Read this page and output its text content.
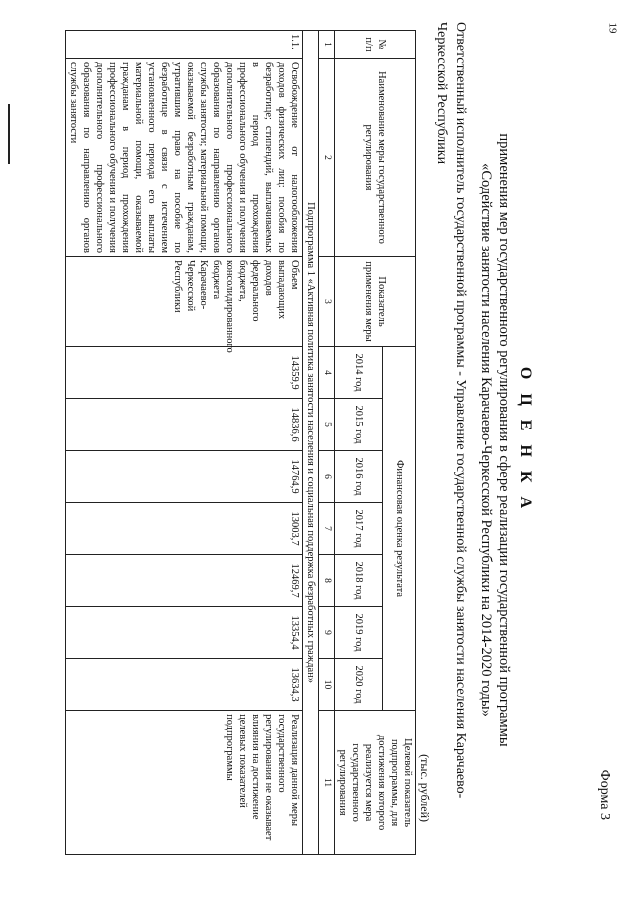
19
Форма 3
О Ц Е Н К А
применения мер государственного регулирования в сфере реализации государственной программы
«Содействие занятости населения Карачаево-Черкесской Республики на 2014-2020 годы»
Ответственный исполнитель государственной программы - Управление государственной службы занятости населения Карачаево-Черкесской Республики
(тыс. рублей)
№ п/п	Наименование меры государственного регулирования	Показатель применения меры	Финансовая оценка результата							Целевой показатель подпрограммы, для достижения которого реализуется мера государственного регулирования
			2014 год	2015 год	2016 год	2017 год	2018 год	2019 год	2020 год	
1	2	3	4	5	6	7	8	9	10	11
Подпрограмма 1 «Активная политика занятости населения и социальная поддержка безработных граждан»										
1.1.	Освобождение от налогообложения доходов физических лиц: пособия по безработице; стипендий, выплачиваемых в период прохождения профессионального обучения и получения дополнительного профессионального образования по направлению органов службы занятости; материальной помощи, оказываемой безработным гражданам, утратившим право на пособие по безработице в связи с истечением установленного периода его выплаты материальной помощи, оказываемой гражданам в период прохождения профессионального обучения и получения дополнительного профессионального образования по направлению органов службы занятости	Объем выпадающих доходов федерального бюджета, консолидированного бюджета Карачаево-Черкесской Республики	14359,9	14836,6	14764,9	13003,7	12469,7	13354,4	13634,3	Реализация данной меры государственного регулирования не оказывает влияния на достижение целевых показателей подпрограммы
